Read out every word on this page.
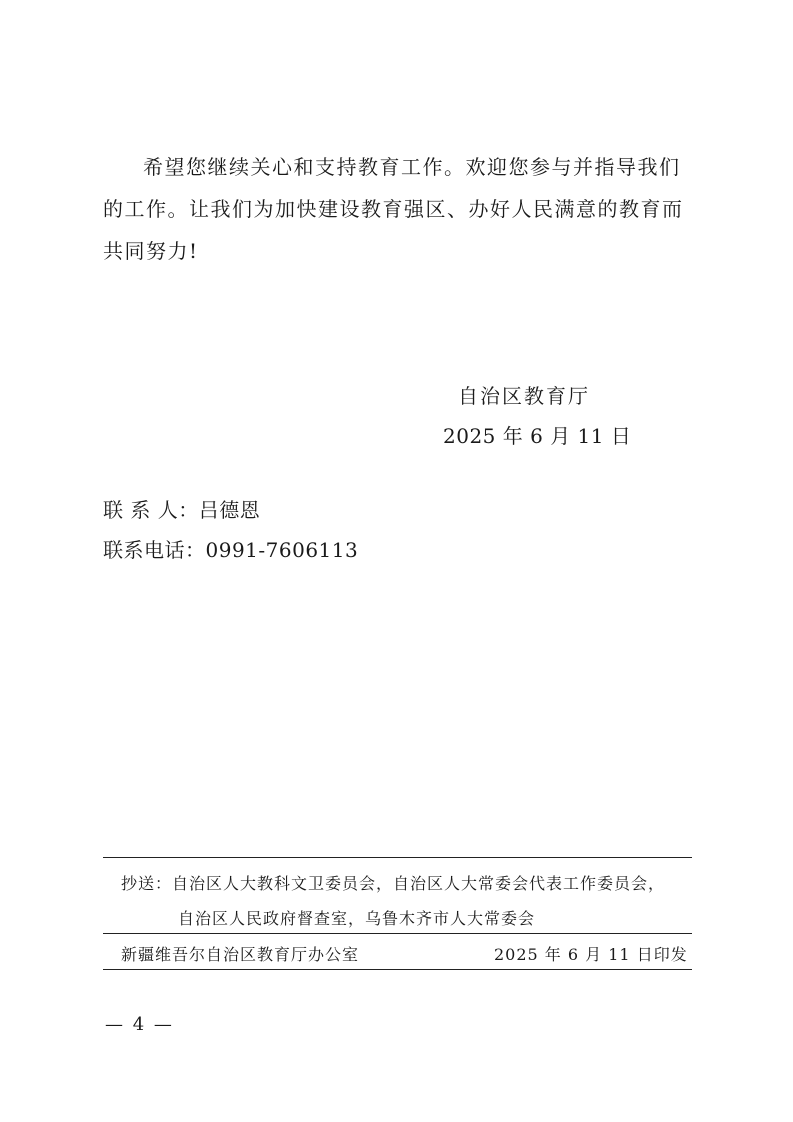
希望您继续关心和支持教育工作。欢迎您参与并指导我们的工作。让我们为加快建设教育强区、办好人民满意的教育而共同努力!
自治区教育厅
2025 年 6 月 11 日
联 系 人：吕德恩
联系电话：0991-7606113
抄送：自治区人大教科文卫委员会，自治区人大常委会代表工作委员会，
自治区人民政府督查室，乌鲁木齐市人大常委会
新疆维吾尔自治区教育厅办公室	2025 年 6 月 11 日印发
— 4 —
